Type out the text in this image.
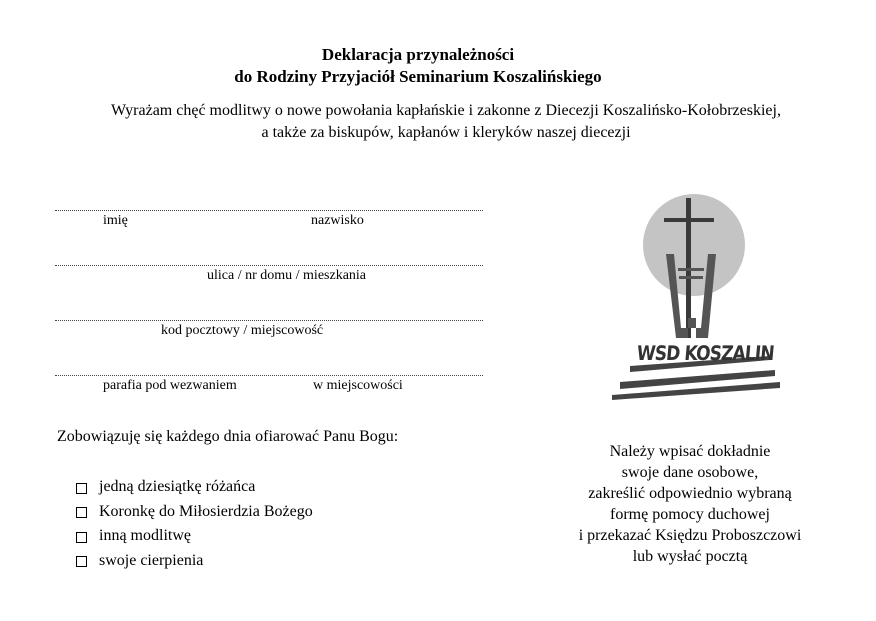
Deklaracja przynależności
do Rodziny Przyjaciół Seminarium Koszalińskiego
Wyrażam chęć modlitwy o nowe powołania kapłańskie i zakonne z Diecezji Koszalińsko-Kołobrzeskiej,
a także za biskupów, kapłanów i kleryków naszej diecezji
imię	nazwisko
ulica / nr domu / mieszkania
kod pocztowy / miejscowość
parafia pod wezwaniem	w miejscowości
Zobowiązuję się każdego dnia ofiarować Panu Bogu:
jedną dziesiątkę różańca
Koronkę do Miłosierdzia Bożego
inną modlitwę
swoje cierpienia
WSD KOSZALIN
Należy wpisać dokładnie
swoje dane osobowe,
zakreślić odpowiednio wybraną
formę pomocy duchowej
i przekazać Księdzu Proboszczowi
lub wysłać pocztą
